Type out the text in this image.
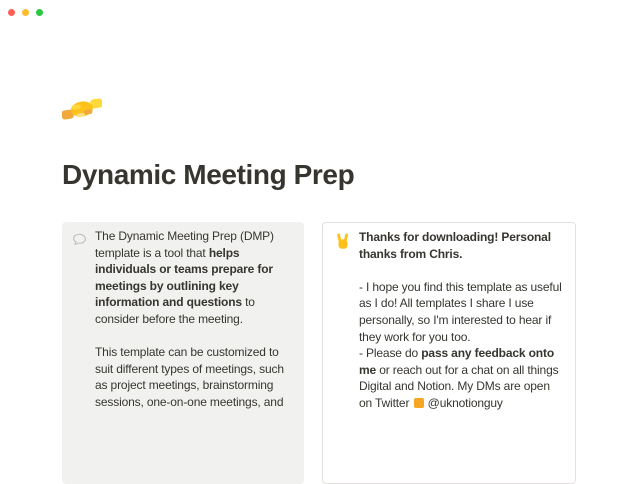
Dynamic Meeting Prep
The Dynamic Meeting Prep (DMP) template is a tool that helps individuals or teams prepare for meetings by outlining key information and questions to consider before the meeting.
This template can be customized to suit different types of meetings, such as project meetings, brainstorming sessions, one-on-one meetings, and
Thanks for downloading! Personal thanks from Chris.
- I hope you find this template as useful as I do! All templates I share I use personally, so I'm interested to hear if they work for you too.
- Please do pass any feedback onto me or reach out for a chat on all things Digital and Notion. My DMs are open on Twitter  @uknotionguy
